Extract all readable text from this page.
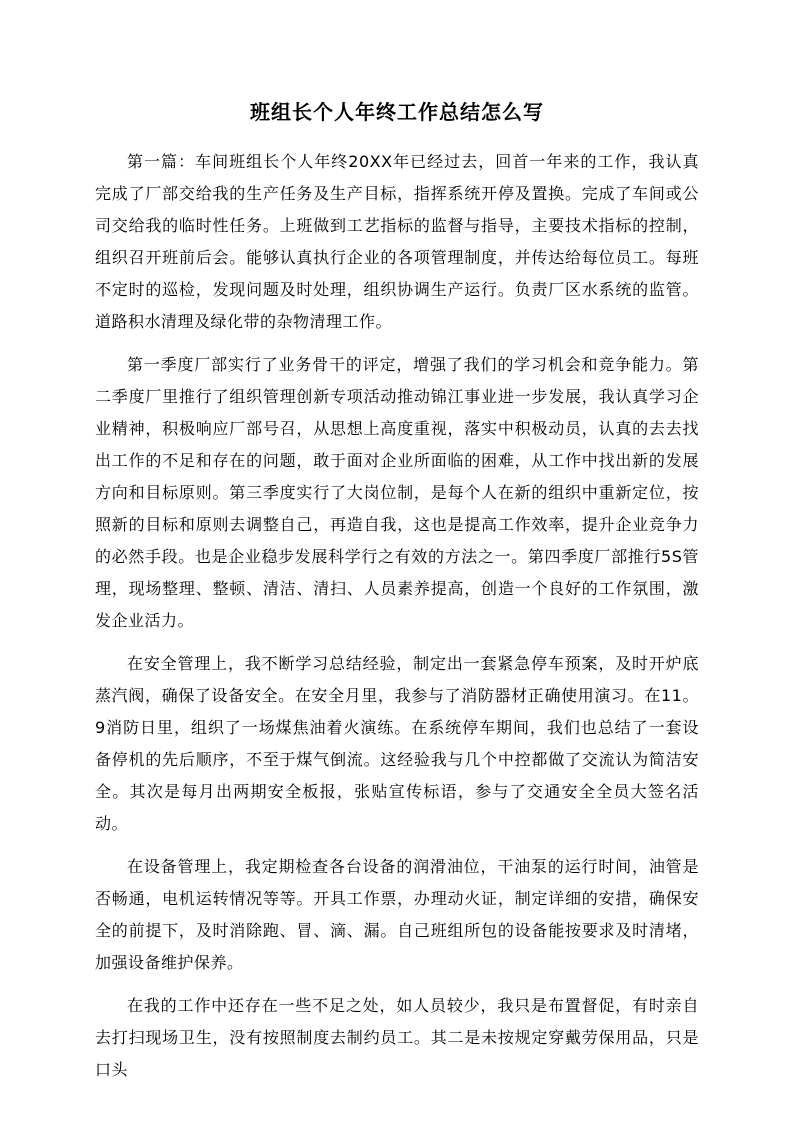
班组长个人年终工作总结怎么写

第一篇：车间班组长个人年终20XX年已经过去，回首一年来的工作，我认真完成了厂部交给我的生产任务及生产目标，指挥系统开停及置换。完成了车间或公司交给我的临时性任务。上班做到工艺指标的监督与指导，主要技术指标的控制，组织召开班前后会。能够认真执行企业的各项管理制度，并传达给每位员工。每班不定时的巡检，发现问题及时处理，组织协调生产运行。负责厂区水系统的监管。道路积水清理及绿化带的杂物清理工作。

第一季度厂部实行了业务骨干的评定，增强了我们的学习机会和竞争能力。第二季度厂里推行了组织管理创新专项活动推动锦江事业进一步发展，我认真学习企业精神，积极响应厂部号召，从思想上高度重视，落实中积极动员，认真的去去找出工作的不足和存在的问题，敢于面对企业所面临的困难，从工作中找出新的发展方向和目标原则。第三季度实行了大岗位制，是每个人在新的组织中重新定位，按照新的目标和原则去调整自己，再造自我，这也是提高工作效率，提升企业竞争力的必然手段。也是企业稳步发展科学行之有效的方法之一。第四季度厂部推行5S管理，现场整理、整顿、清洁、清扫、人员素养提高，创造一个良好的工作氛围，激发企业活力。

在安全管理上，我不断学习总结经验，制定出一套紧急停车预案，及时开炉底蒸汽阀，确保了设备安全。在安全月里，我参与了消防器材正确使用演习。在11。9消防日里，组织了一场煤焦油着火演练。在系统停车期间，我们也总结了一套设备停机的先后顺序，不至于煤气倒流。这经验我与几个中控都做了交流认为简洁安全。其次是每月出两期安全板报，张贴宣传标语，参与了交通安全全员大签名活动。

在设备管理上，我定期检查各台设备的润滑油位，干油泵的运行时间，油管是否畅通，电机运转情况等等。开具工作票，办理动火证，制定详细的安措，确保安全的前提下，及时消除跑、冒、滴、漏。自己班组所包的设备能按要求及时清堵，加强设备维护保养。

在我的工作中还存在一些不足之处，如人员较少，我只是布置督促，有时亲自去打扫现场卫生，没有按照制度去制约员工。其二是未按规定穿戴劳保用品，只是口头
